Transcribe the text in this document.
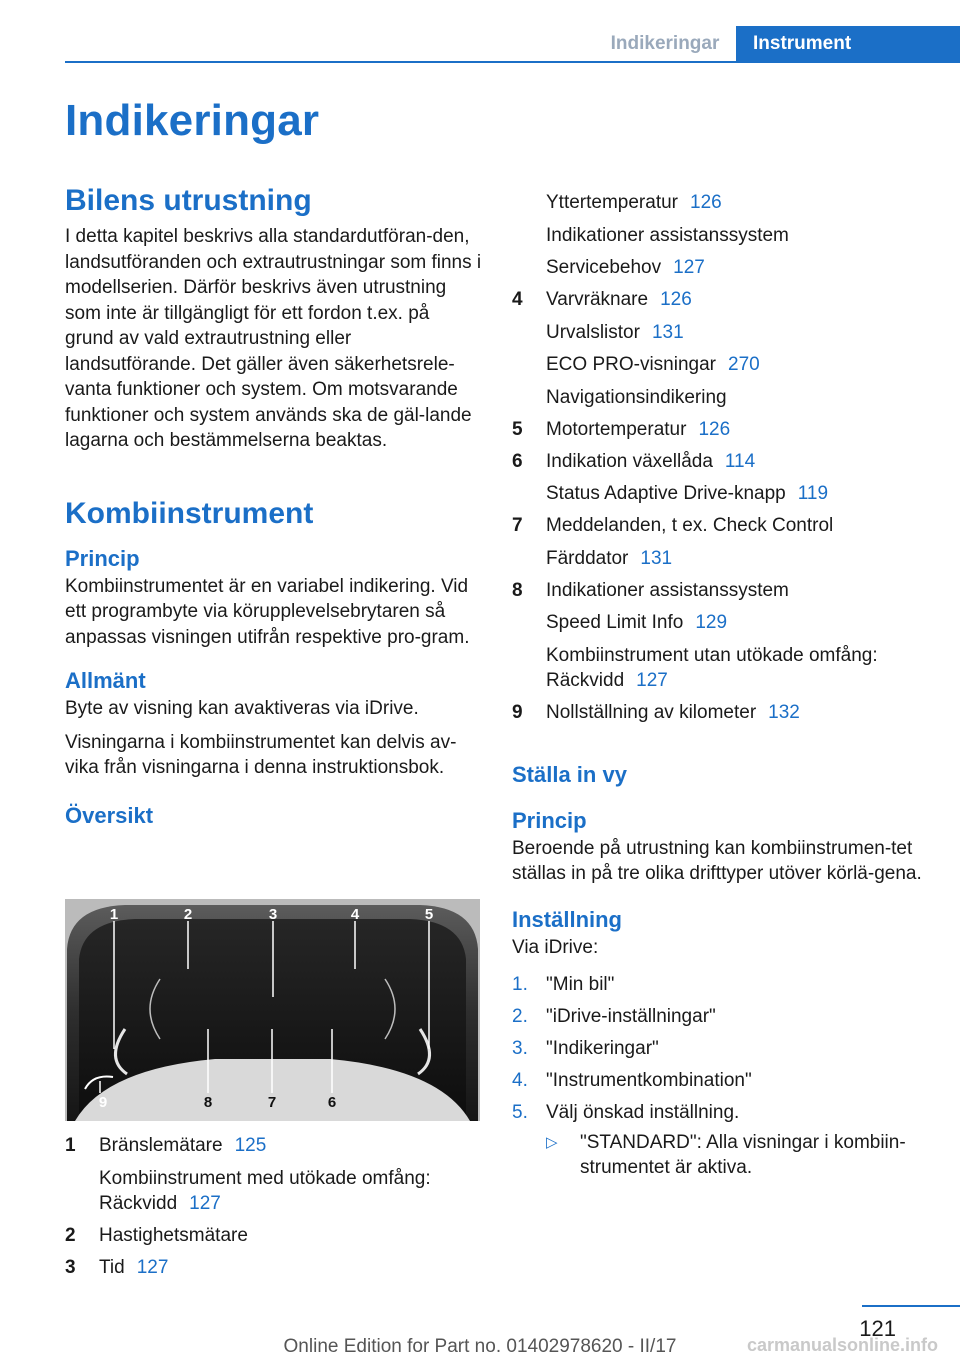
Indikeringar	Instrument
Indikeringar
Bilens utrustning

I detta kapitel beskrivs alla standardutföran-den, landsutföranden och extrautrustningar som finns i modellserien. Därför beskrivs även utrustning som inte är tillgängligt för ett fordon t.ex. på grund av vald extrautrustning eller landsutförande. Det gäller även säkerhetsrele-vanta funktioner och system. Om motsvarande funktioner och system används ska de gäl-lande lagarna och bestämmelserna beaktas.

Kombiinstrument
Princip

Kombiinstrumentet är en variabel indikering. Vid ett programbyte via körupplevelsebrytaren så anpassas visningen utifrån respektive pro-gram.

Allmänt

Byte av visning kan avaktiveras via iDrive.

Visningarna i kombiinstrumentet kan delvis av-vika från visningarna i denna instruktionsbok.

Översikt
1	2	3	4	5
6
7
8
9
1 Bränslemätare 125
Kombiinstrument med utökade omfång: Räckvidd 127
2 Hastighetsmätare
3 Tid 127
Yttertemperatur 126
Indikationer assistanssystem
Servicebehov 127
4 Varvräknare 126
Urvalslistor 131
ECO PRO-visningar 270
Navigationsindikering
5 Motortemperatur 126
6 Indikation växellåda 114
Status Adaptive Drive-knapp 119
7 Meddelanden, t ex. Check Control
Färddator 131
8 Indikationer assistanssystem
Speed Limit Info 129
Kombiinstrument utan utökade omfång: Räckvidd 127
9 Nollställning av kilometer 132
Ställa in vy
Princip

Beroende på utrustning kan kombiinstrumen-tet ställas in på tre olika drifttyper utöver körlä-gena.

Inställning

Via iDrive:

1. "Min bil"
2. "iDrive-inställningar"
3. "Indikeringar"
4. "Instrumentkombination"
5. Välj önskad inställning.
▷ "STANDARD": Alla visningar i kombiin-strumentet är aktiva.
121
Online Edition for Part no. 01402978620 - II/17	carmanualsonline.info
